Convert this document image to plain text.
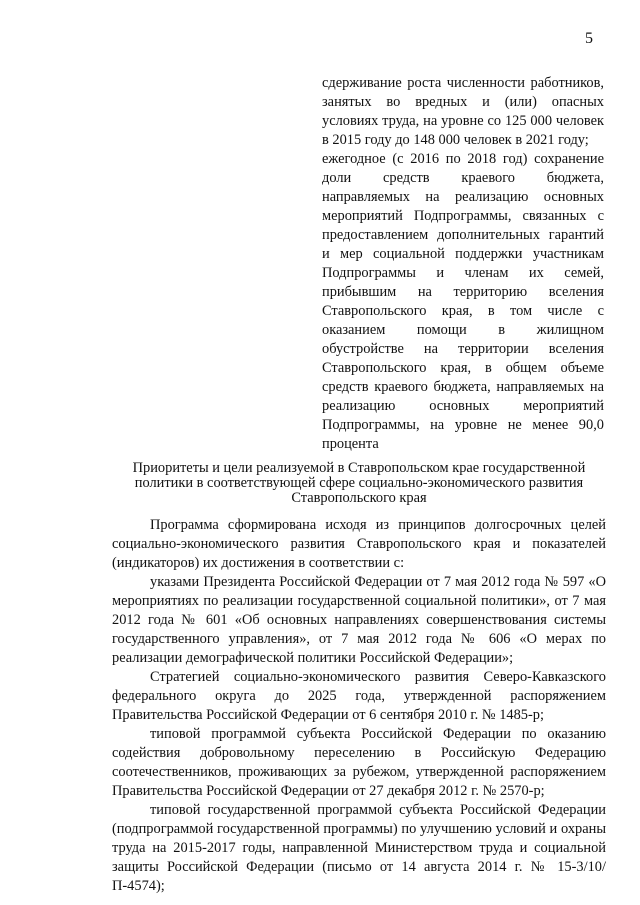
5

сдерживание роста численности работников, занятых во вредных и (или) опасных условиях труда, на уровне со 125 000 человек в 2015 году до 148 000 человек в 2021 году;

ежегодное (с 2016 по 2018 год) сохранение доли средств краевого бюджета, направляемых на реализацию основных мероприятий Подпрограммы, связанных с предоставлением дополнительных гарантий и мер социальной поддержки участникам Подпрограммы и членам их семей, прибывшим на территорию вселения Ставропольского края, в том числе с оказанием помощи в жилищном обустройстве на территории вселения Ставропольского края, в общем объеме средств краевого бюджета, направляемых на реализацию основных мероприятий Подпрограммы, на уровне не менее 90,0 процента

Приоритеты и цели реализуемой в Ставропольском крае государственной
политики в соответствующей сфере социально-экономического развития
Ставропольского края

Программа сформирована исходя из принципов долгосрочных целей социально-экономического развития Ставропольского края и показателей (индикаторов) их достижения в соответствии с:

указами Президента Российской Федерации от 7 мая 2012 года № 597 «О мероприятиях по реализации государственной социальной политики», от 7 мая 2012 года № 601 «Об основных направлениях совершенствования системы государственного управления», от 7 мая 2012 года № 606 «О мерах по реализации демографической политики Российской Федерации»;

Стратегией социально-экономического развития Северо-Кавказского федерального округа до 2025 года, утвержденной распоряжением Правительства Российской Федерации от 6 сентября 2010 г. № 1485-р;

типовой программой субъекта Российской Федерации по оказанию содействия добровольному переселению в Российскую Федерацию соотечественников, проживающих за рубежом, утвержденной распоряжением Правительства Российской Федерации от 27 декабря 2012 г. № 2570-р;

типовой государственной программой субъекта Российской Федерации (подпрограммой государственной программы) по улучшению условий и охраны труда на 2015-2017 годы, направленной Министерством труда и социальной защиты Российской Федерации (письмо от 14 августа 2014 г. № 15-3/10/П-4574);
